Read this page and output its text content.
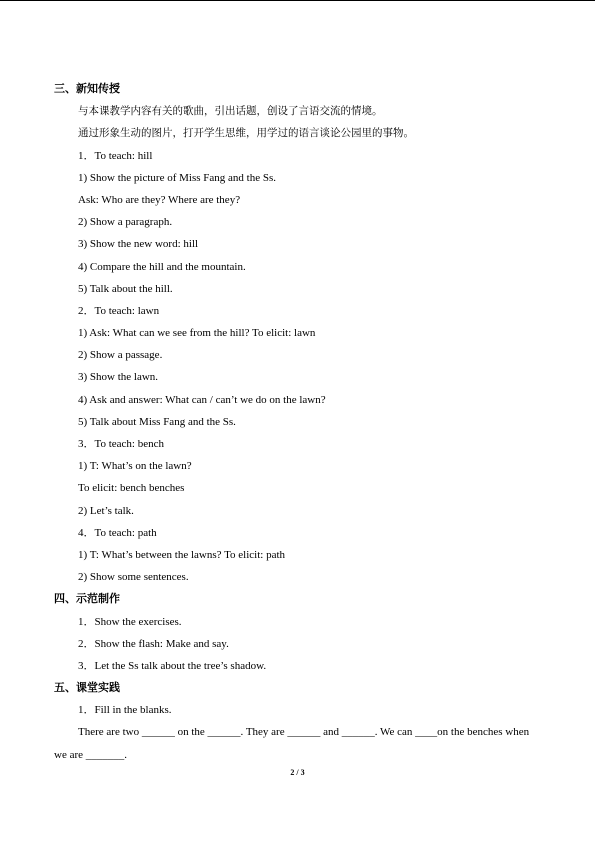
三、新知传授
与本课教学内容有关的歌曲，引出话题，创设了言语交流的情境。
通过形象生动的图片，打开学生思维，用学过的语言谈论公园里的事物。
1．To teach: hill
1) Show the picture of Miss Fang and the Ss.
Ask: Who are they? Where are they?
2) Show a paragraph.
3) Show the new word: hill
4) Compare the hill and the mountain.
5) Talk about the hill.
2．To teach: lawn
1) Ask: What can we see from the hill? To elicit: lawn
2) Show a passage.
3) Show the lawn.
4) Ask and answer: What can / can’t we do on the lawn?
5) Talk about Miss Fang and the Ss.
3．To teach: bench
1) T: What’s on the lawn?
To elicit: bench benches
2) Let’s talk.
4．To teach: path
1) T: What’s between the lawns? To elicit: path
2) Show some sentences.
四、示范制作
1．Show the exercises.
2．Show the flash: Make and say.
3．Let the Ss talk about the tree’s shadow.
五、课堂实践
1．Fill in the blanks.
There are two ______ on the ______. They are ______ and ______. We can ____on the benches when we are _______.
2 / 3
